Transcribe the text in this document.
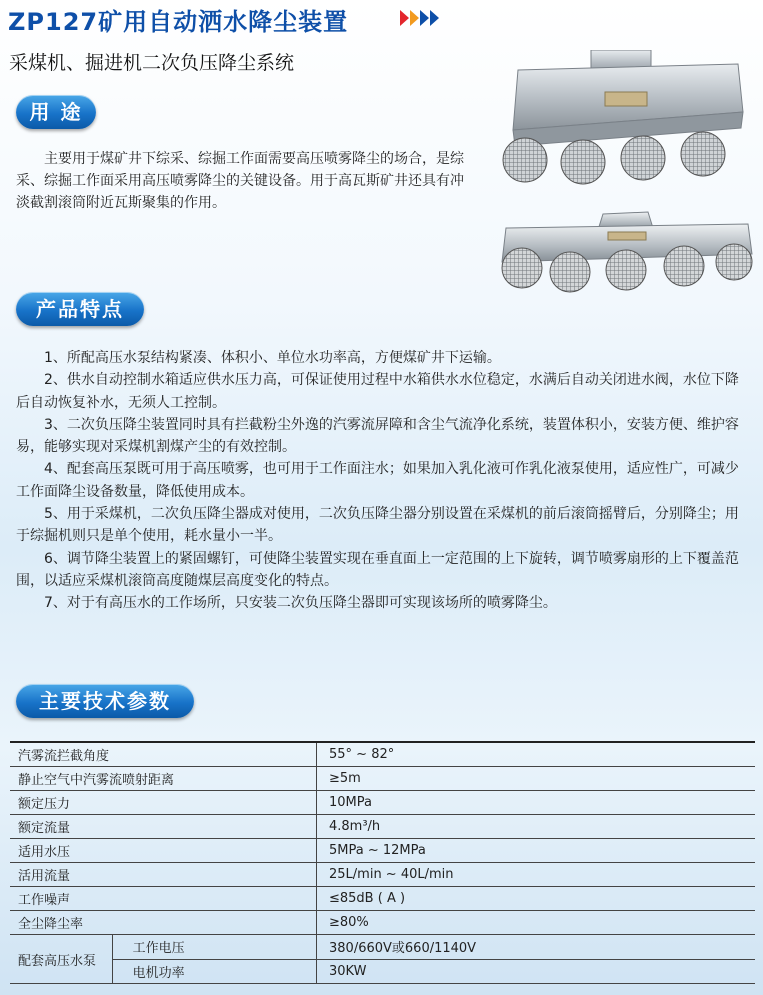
ZP127矿用自动洒水降尘装置
采煤机、掘进机二次负压降尘系统
用 途
主要用于煤矿井下综采、综掘工作面需要高压喷雾降尘的场合，是综采、综掘工作面采用高压喷雾降尘的关键设备。用于高瓦斯矿井还具有冲淡截割滚筒附近瓦斯聚集的作用。
产品特点

1、所配高压水泵结构紧凑、体积小、单位水功率高，方便煤矿井下运输。

2、供水自动控制水箱适应供水压力高，可保证使用过程中水箱供水水位稳定，水满后自动关闭进水阀，水位下降后自动恢复补水，无须人工控制。

3、二次负压降尘装置同时具有拦截粉尘外逸的汽雾流屏障和含尘气流净化系统，装置体积小，安装方便、维护容易，能够实现对采煤机割煤产尘的有效控制。

4、配套高压泵既可用于高压喷雾，也可用于工作面注水；如果加入乳化液可作乳化液泵使用，适应性广，可减少工作面降尘设备数量，降低使用成本。

5、用于采煤机，二次负压降尘器成对使用，二次负压降尘器分别设置在采煤机的前后滚筒摇臂后，分别降尘；用于综掘机则只是单个使用，耗水量小一半。

6、调节降尘装置上的紧固螺钉，可使降尘装置实现在垂直面上一定范围的上下旋转，调节喷雾扇形的上下覆盖范围，以适应采煤机滚筒高度随煤层高度变化的特点。

7、对于有高压水的工作场所，只安装二次负压降尘器即可实现该场所的喷雾降尘。

主要技术参数
汽雾流拦截角度		55° ~ 82°
静止空气中汽雾流喷射距离		≥5m
额定压力		10MPa
额定流量		4.8m³/h
适用水压		5MPa ~ 12MPa
活用流量		25L/min ~ 40L/min
工作噪声		≤85dB ( A )
全尘降尘率		≥80%
配套高压水泵	工作电压	380/660V或660/1140V
	电机功率	30KW
